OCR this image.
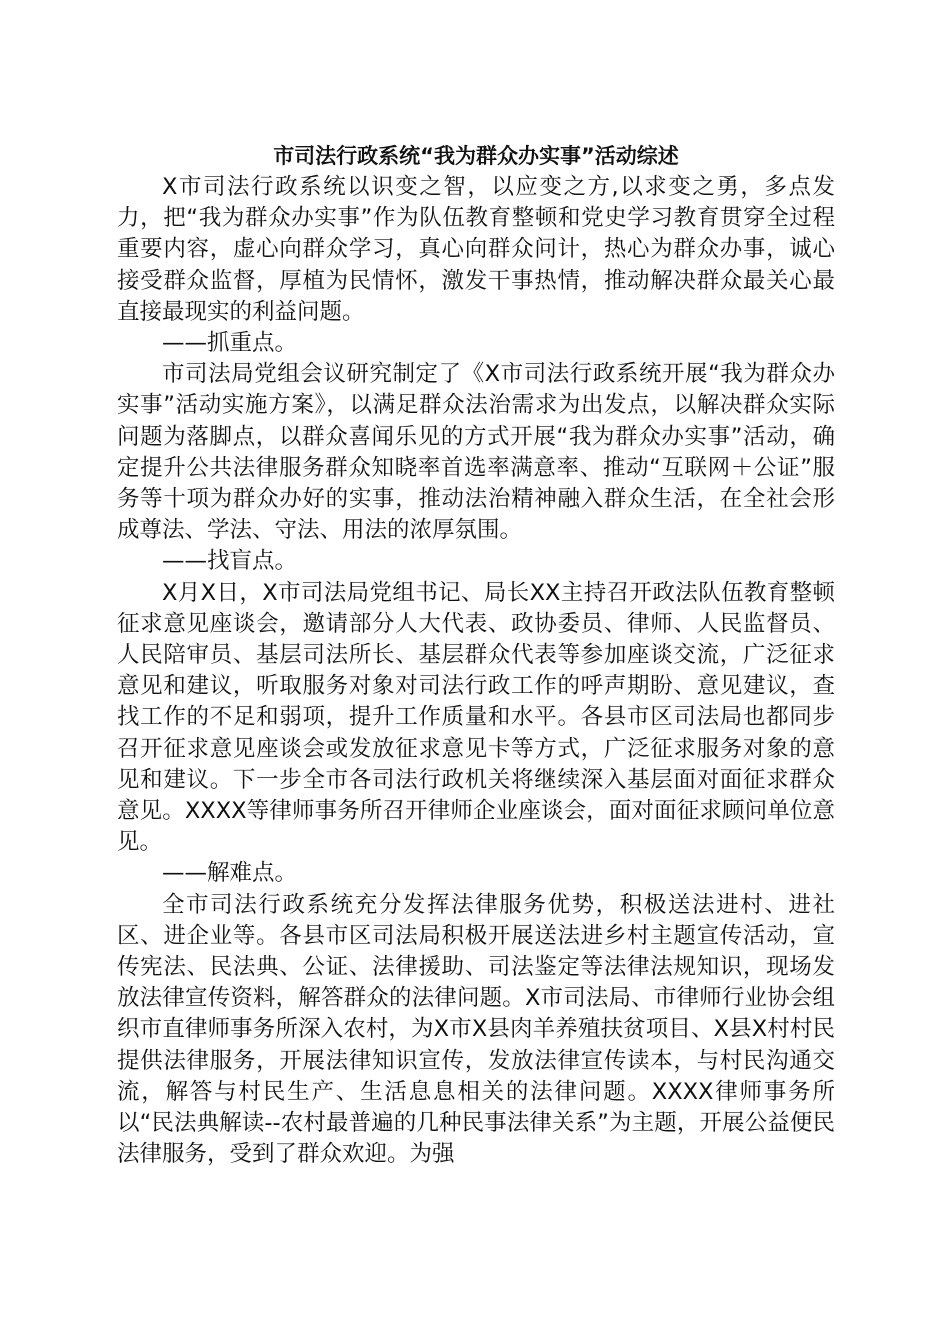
市司法行政系统“我为群众办实事”活动综述

X市司法行政系统以识变之智，以应变之方,以求变之勇，多点发力，把“我为群众办实事”作为队伍教育整顿和党史学习教育贯穿全过程重要内容，虚心向群众学习，真心向群众问计，热心为群众办事，诚心接受群众监督，厚植为民情怀，激发干事热情，推动解决群众最关心最直接最现实的利益问题。

——抓重点。

市司法局党组会议研究制定了《X市司法行政系统开展“我为群众办实事”活动实施方案》，以满足群众法治需求为出发点，以解决群众实际问题为落脚点，以群众喜闻乐见的方式开展“我为群众办实事”活动，确定提升公共法律服务群众知晓率首选率满意率、推动“互联网＋公证”服务等十项为群众办好的实事，推动法治精神融入群众生活，在全社会形成尊法、学法、守法、用法的浓厚氛围。

——找盲点。

X月X日，X市司法局党组书记、局长XX主持召开政法队伍教育整顿征求意见座谈会，邀请部分人大代表、政协委员、律师、人民监督员、人民陪审员、基层司法所长、基层群众代表等参加座谈交流，广泛征求意见和建议，听取服务对象对司法行政工作的呼声期盼、意见建议，查找工作的不足和弱项，提升工作质量和水平。各县市区司法局也都同步召开征求意见座谈会或发放征求意见卡等方式，广泛征求服务对象的意见和建议。下一步全市各司法行政机关将继续深入基层面对面征求群众意见。XXXX等律师事务所召开律师企业座谈会，面对面征求顾问单位意见。

——解难点。

全市司法行政系统充分发挥法律服务优势，积极送法进村、进社区、进企业等。各县市区司法局积极开展送法进乡村主题宣传活动，宣传宪法、民法典、公证、法律援助、司法鉴定等法律法规知识，现场发放法律宣传资料，解答群众的法律问题。X市司法局、市律师行业协会组织市直律师事务所深入农村，为X市X县肉羊养殖扶贫项目、X县X村村民提供法律服务，开展法律知识宣传，发放法律宣传读本，与村民沟通交流，解答与村民生产、生活息息相关的法律问题。XXXX律师事务所以“民法典解读--农村最普遍的几种民事法律关系”为主题，开展公益便民法律服务，受到了群众欢迎。为强
